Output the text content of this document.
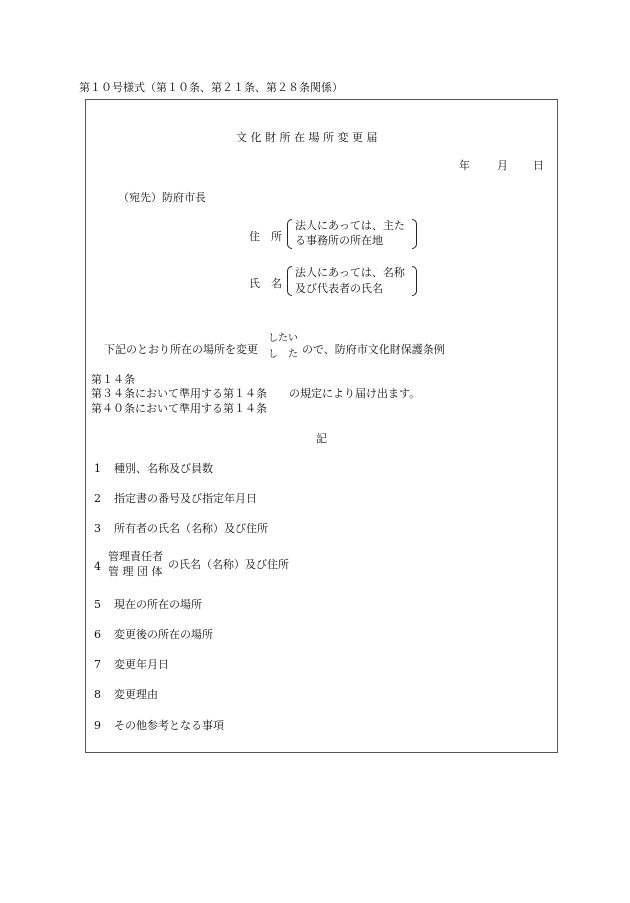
第１０号様式（第１０条、第２１条、第２８条関係）
文 化 財 所 在 場 所 変 更 届
年 月 日
（宛先）防府市長
住　所
法人にあっては、主た
る事務所の所在地
氏　名
法人にあっては、名称
及び代表者の氏名
下記のとおり所在の場所を変更
したい
し　た ので、防府市文化財保護条例
第１４条
第３４条において準用する第１４条 の規定により届け出ます。
第４０条において準用する第１４条
記
1 種別、名称及び員数
2 指定書の番号及び指定年月日
3 所有者の氏名（名称）及び住所
4
管理責任者
管 理 団 体
の氏名（名称）及び住所
5 現在の所在の場所
6 変更後の所在の場所
7 変更年月日
8 変更理由
9 その他参考となる事項
